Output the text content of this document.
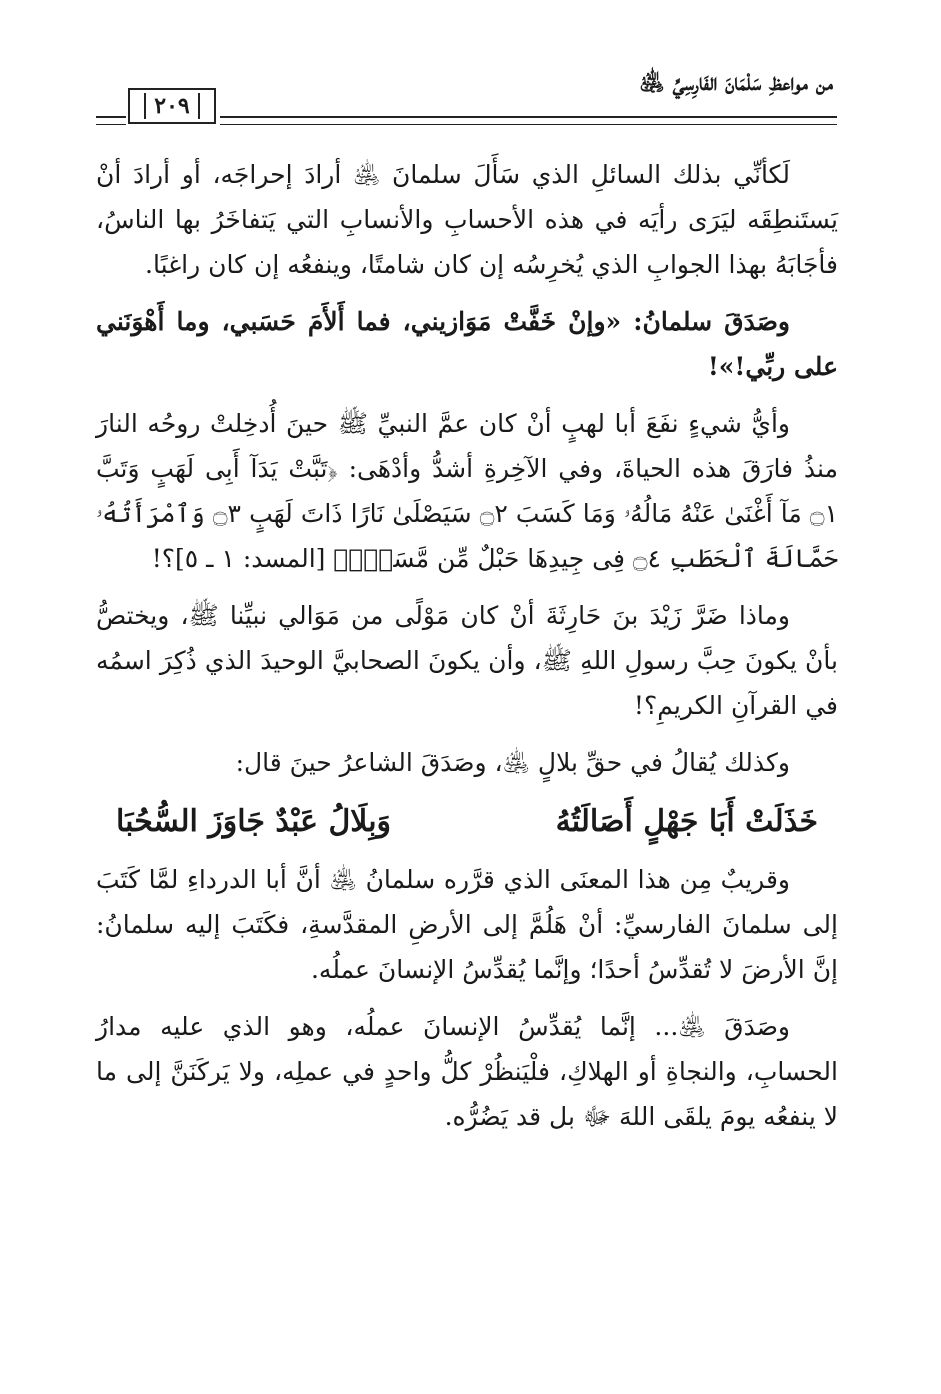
من مواعظِ سَلْمَانَ الفَارِسِيِّ ﵁
٢٠٩

لَكأنِّي بذلك السائلِ الذي سَأَلَ سلمانَ ﵁ أرادَ إحراجَه، أو أرادَ أنْ يَستَنطِقَه ليَرَى رأيَه في هذه الأحسابِ والأنسابِ التي يَتفاخَرُ بها الناسُ، فأجَابَهُ بهذا الجوابِ الذي يُخرِسُه إن كان شامتًا، وينفعُه إن كان راغبًا.

وصَدَقَ سلمانُ: «وإنْ خَفَّتْ مَوَازيني، فما أَلأَمَ حَسَبي، وما أَهْوَنَني على ربِّي!»!

وأيُّ شيءٍ نفَعَ أبا لهبٍ أنْ كان عمَّ النبيِّ ﷺ حينَ أُدخِلتْ روحُه النارَ منذُ فارَقَ هذه الحياةَ، وفي الآخِرةِ أشدُّ وأدْهَى: ﴿تَبَّتْ يَدَآ أَبِى لَهَبٍ وَتَبَّ ۝١ مَآ أَغْنَىٰ عَنْهُ مَالُهُۥ وَمَا كَسَبَ ۝٢ سَيَصْلَىٰ نَارًا ذَاتَ لَهَبٍ ۝٣ وَٱمْرَأَتُهُۥ حَمَّالَةَ ٱلْحَطَبِ ۝٤ فِى جِيدِهَا حَبْلٌ مِّن مَّسَدٍۭ﴾ [المسد: ١ ـ ٥]؟!

وماذا ضَرَّ زَيْدَ بنَ حَارِثَةَ أنْ كان مَوْلًى من مَوَالي نبيِّنا ﷺ، ويختصُّ بأنْ يكونَ حِبَّ رسولِ اللهِ ﷺ، وأن يكونَ الصحابيَّ الوحيدَ الذي ذُكِرَ اسمُه في القرآنِ الكريمِ؟!

وكذلك يُقالُ في حقِّ بلالٍ ﵁، وصَدَقَ الشاعرُ حينَ قال:

خَذَلَتْ أَبَا جَهْلٍ أَصَالَتُهُ
وَبِلَالُ عَبْدٌ جَاوَزَ السُّحُبَا

وقريبٌ مِن هذا المعنَى الذي قرَّره سلمانُ ﵁ أنَّ أبا الدرداءِ لمَّا كَتَبَ إلى سلمانَ الفارسيِّ: أنْ هَلُمَّ إلى الأرضِ المقدَّسةِ، فكَتَبَ إليه سلمانُ: إنَّ الأرضَ لا تُقدِّسُ أحدًا؛ وإنَّما يُقدِّسُ الإنسانَ عملُه.

وصَدَقَ ﵁... إنَّما يُقدِّسُ الإنسانَ عملُه، وهو الذي عليه مدارُ الحسابِ، والنجاةِ أو الهلاكِ، فلْيَنظُرْ كلُّ واحدٍ في عملِه، ولا يَركَنَنَّ إلى ما لا ينفعُه يومَ يلقَى اللهَ ﷻ بل قد يَضُرُّه.
